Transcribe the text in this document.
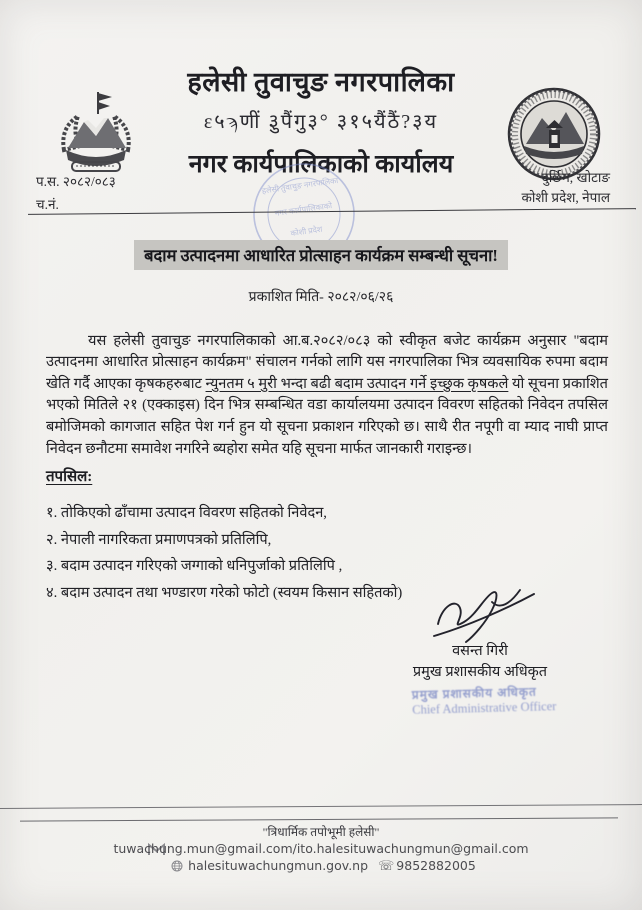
हलेसी तुवाचुङ नगरपालिका
ɛ५ϡणीं ३ुपैंगु३° ३१५यैंठैं?३य
नगर कार्यपालिकाको कार्यालय
हलेसी तुवाचुङ नगरपालिका
नगर कार्यपालिकाको
कोशी प्रदेश
प.स. २०८२/०८३
च.नं.
दुर्छिम, खोटाङ
कोशी प्रदेश, नेपाल
बदाम उत्पादनमा आधारित प्रोत्साहन कार्यक्रम सम्बन्धी सूचना!
प्रकाशित मिति- २०८२/०६/२६

यस हलेसी तुवाचुङ नगरपालिकाको आ.ब.२०८२/०८३ को स्वीकृत बजेट कार्यक्रम अनुसार "बदाम उत्पादनमा आधारित प्रोत्साहन कार्यक्रम" संचालन गर्नको लागि यस नगरपालिका भित्र व्यवसायिक रुपमा बदाम खेति गर्दै आएका कृषकहरुबाट न्युनतम ५ मुरी भन्दा बढी बदाम उत्पादन गर्ने इच्छुक कृषकले यो सूचना प्रकाशित भएको मितिले २१ (एक्काइस) दिन भित्र सम्बन्धित वडा कार्यालयमा उत्पादन विवरण सहितको निवेदन तपसिल बमोजिमको कागजात सहित पेश गर्न हुन यो सूचना प्रकाशन गरिएको छ। साथै रीत नपूगी वा म्याद नाघी प्राप्त निवेदन छनौटमा समावेश नगरिने ब्यहोरा समेत यहि सूचना मार्फत जानकारी गराइन्छ।

तपसिल:
१. तोकिएको ढाँचामा उत्पादन विवरण सहितको निवेदन,
२. नेपाली नागरिकता प्रमाणपत्रको प्रतिलिपि,
३. बदाम उत्पादन गरिएको जग्गाको धनिपुर्जाको प्रतिलिपि ,
४. बदाम उत्पादन तथा भण्डारण गरेको फोटो (स्वयम किसान सहितको)
वसन्त गिरी
प्रमुख प्रशासकीय अधिकृत
प्रमुख प्रशासकीय अधिकृत
Chief Administrative Officer
"त्रिधार्मिक तपोभूमी हलेसी"
tuwachung.mun@gmail.com/ito.halesituwachungmun@gmail.com
halesituwachungmun.gov.np ☏ 9852882005
